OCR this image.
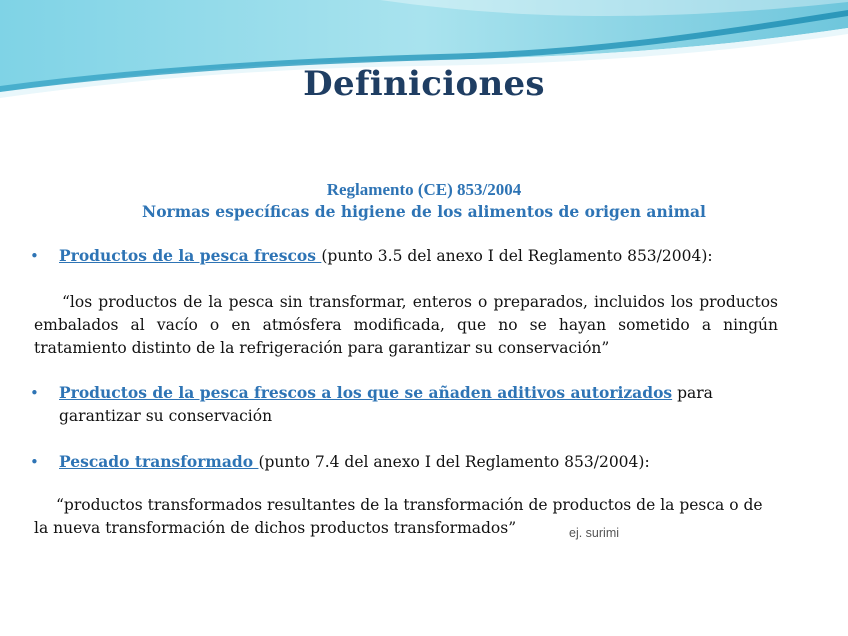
Definiciones
Reglamento (CE) 853/2004
Normas específicas de higiene de los alimentos de origen animal
• Productos de la pesca frescos (punto 3.5 del anexo I del Reglamento 853/2004):
“los productos de la pesca sin transformar, enteros o preparados, incluidos los productos embalados al vacío o en atmósfera modificada, que no se hayan sometido a ningún tratamiento distinto de la refrigeración para garantizar su conservación”
• Productos de la pesca frescos a los que se añaden aditivos autorizados para garantizar su conservación
• Pescado transformado (punto 7.4 del anexo I del Reglamento 853/2004):
“productos transformados resultantes de la transformación de productos de la pesca o de la nueva transformación de dichos productos transformados”	ej. surimi
